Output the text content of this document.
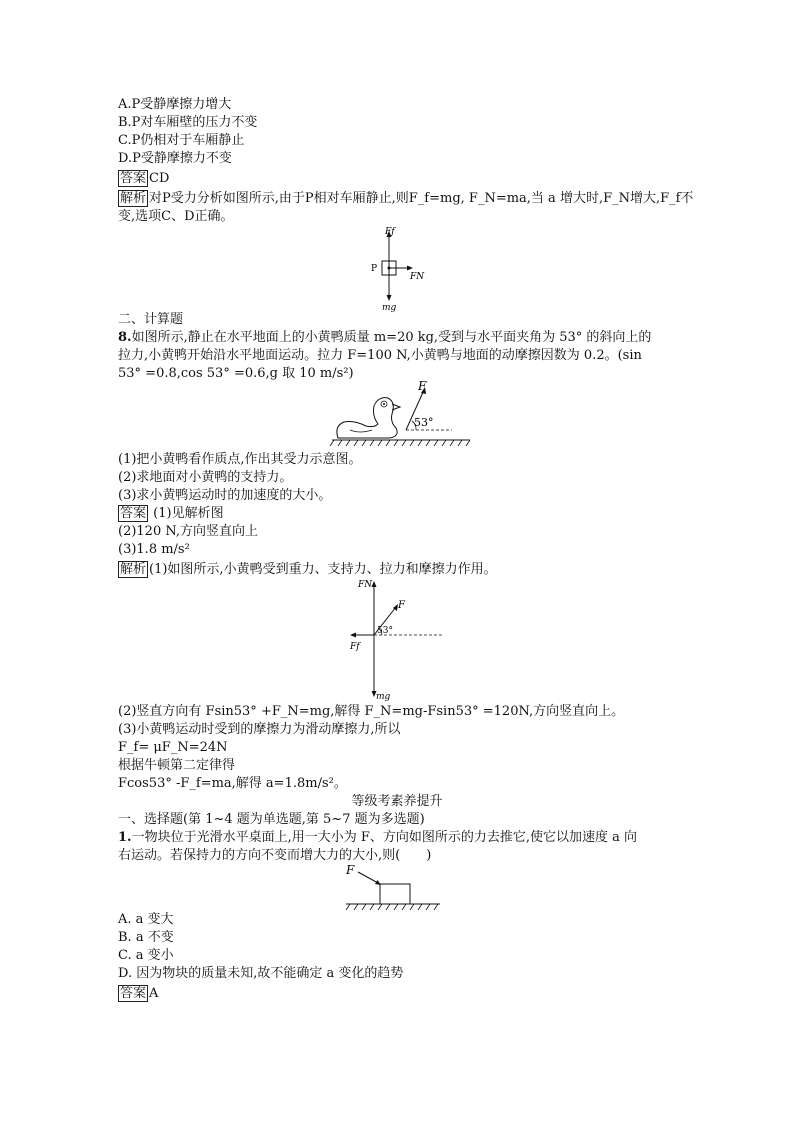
A.P受静摩擦力增大
B.P对车厢壁的压力不变
C.P仍相对于车厢静止
D.P受静摩擦力不变
答案 CD
解析 对P受力分析如图所示,由于P相对车厢静止,则F_f=mg, F_N=ma,当 a 增大时,F_N增大,F_f不
变,选项C、D正确。
P
Ff
FN
mg
二、计算题
8.如图所示,静止在水平地面上的小黄鸭质量 m=20 kg,受到与水平面夹角为 53° 的斜向上的
拉力,小黄鸭开始沿水平地面运动。拉力 F=100 N,小黄鸭与地面的动摩擦因数为 0.2。(sin
53° =0.8,cos 53° =0.6,g 取 10 m/s²)
F
53°
(1)把小黄鸭看作质点,作出其受力示意图。
(2)求地面对小黄鸭的支持力。
(3)求小黄鸭运动时的加速度的大小。
答案 (1)见解析图
(2)120 N,方向竖直向上
(3)1.8 m/s²
解析 (1)如图所示,小黄鸭受到重力、支持力、拉力和摩擦力作用。
FN
F
53°
Ff
mg
(2)竖直方向有 Fsin53° +F_N=mg,解得 F_N=mg-Fsin53° =120N,方向竖直向上。
(3)小黄鸭运动时受到的摩擦力为滑动摩擦力,所以
F_f= μF_N=24N
根据牛顿第二定律得
Fcos53° -F_f=ma,解得 a=1.8m/s²。
等级考素养提升
一、选择题(第 1~4 题为单选题,第 5~7 题为多选题)
1.一物块位于光滑水平桌面上,用一大小为 F、方向如图所示的力去推它,使它以加速度 a 向
右运动。若保持力的方向不变而增大力的大小,则(　　)
F
A. a 变大
B. a 不变
C. a 变小
D. 因为物块的质量未知,故不能确定 a 变化的趋势
答案 A
